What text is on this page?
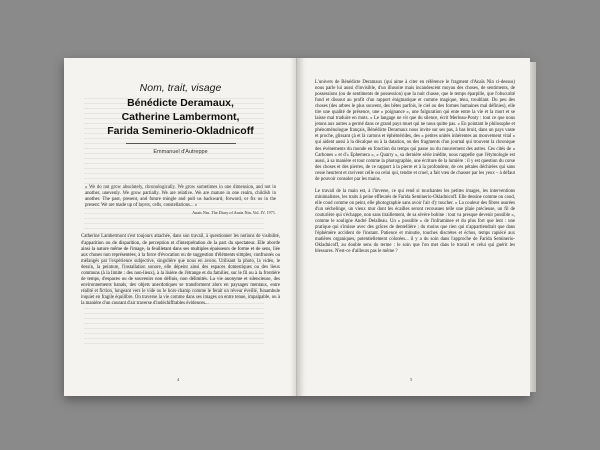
Nom, trait, visage
Bénédicte Deramaux,
Catherine Lambermont,
Farida Seminerio-Okladnicoff
Emmanuel d'Autreppe
« We do not grow absolutely, chronologically. We grow sometimes in one dimension, and not in another, unevenly. We grow partially. We are relative. We are mature in one realm, childish in another. The past, present, and future mingle and pull us backward, forward, or fix us in the present. We are made up of layers, cells, constellations... »
Anaïs Nin. The Diary of Anaïs Nin, Vol. IV, 1971.
Catherine Lambermont s'est toujours attachée, dans son travail, à questionner les notions de visibilité, d'apparition ou de disparition, de perception et d'interprétation de la part du spectateur. Elle aborde ainsi la nature même de l'image, la feuilletant dans ses multiples épaisseurs de forme et de sens, liée aux choses non représentées, à la force d'évocation ou de suggestion d'éléments simples, confrontés ou mélangés par l'expérience subjective, singulière que nous en avons. Utilisant la photo, la vidéo, le dessin, la peinture, l'installation sonore, elle dépeint ainsi des espaces domestiques ou des lieux communs (à la limite : des non-lieux), à la lisière de l'étrange et du familier, sur le fil ou à la frontière de temps, d'espaces ou de souvenirs non définis, non délimités. La vie anonyme et silencieuse, des environnements banals, des objets anecdotiques se transforment alors en paysages mentaux, entre réalité et fiction, longeant vers le vide ou le hors-champ comme le ferait un réveur éveillé, funambule inquiet en fragile équilibre. On traverse la vie comme dans ses images on entre tenue, impalpable, ou à la manière d'un courant d'air traverse d'indéchiffrables évidences...
4

L'univers de Bénédicte Deramaux (qui aime à citer en référence le fragment d'Anaïs Nin ci-dessus) nous parle lui aussi d'invisible, d'un illusoire mais incandescent moyau des choses, de sentiments, de possessions (ou de sentiments de possession) que la nuit chasse, que le temps éparpille, que l'obscurité fond et dissout au profit d'un rapport énigmatique et comme magique, ténu, troublant. Du peu des choses (des arbres le plus souvent, des bêtes parfois, le ciel ou des formes humaines mal définies), elle tire une qualité de présence, une « poignance », une fulguration qui ente entre la vie et la mort et se laisse mal traduire en mots. « Le langage ne vit que du silence, écrit Merleau-Ponty : tout ce que nous jetons aux autres a germé dans ce grand pays muet qui ne nous quitte pas. » En pointant le philosophe et phénoménologue français, Bénédicte Deramaux nous invite sur ses pas, à bas bruit, dans un pays vaste et proche, glissant çà et là cartons et éphémérides, des « petites unités inhérentes au mouvement vital » qui aident aussi à la décalque ou à la datation, ou des fragments d'un journal qui trouvent la chronique des événements du monde en fonction du temps qui passe ou du mouvement des astres. Ces cités de « Carbones » et d'« Ephemera », « Quarry », sa dernière série inédite, nous rappelle que l'étymologie est aussi, à sa manière et tout comme la photographie, une écriture de la lumière : il y est question du corse des choses et des pierres, de ce rapport à la pierre et à la profondeur, de ces pétales déchirées qui sans cesse heurtent et ravivent celle ou celui qui, tendre et cruel, a fait vœu de chasser par les yeux – à défaut de pouvoir consoler par les mains.

Le travail de la main est, à l'inverse, ce qui rend si touchantes les petites images, les interventions minimalistes, les traits à peine effleurés de Farida Seminerio-Okladnicoff. Elle dessine comme on coud, elle coud comme on peint, elle photographie sans avoir l'air d'y toucher. « La couleur des fibres usurées d'un séchelinge, un vieux mur dont les écailles seront recousues telle une plaie précieuse, un fil de couturière qui s'échappe, non sans tiraillement, de sa sévère bobine : tout va presque devenir possible », comme le souligne André Delalleau. Un « possible » de l'inframinee et du plus fort que lent : une pratique qui s'imisse avec des grâces de dentellière ; du moins que rien qui n'appartiendrait que dans l'éphémère accident de l'instant. Patience et minutie, touches discrètes et échos, temps rapiécé aux matières organiques, potentiellement colorées... il y a du soin dans l'approche de Farida Seminerio-Okladnicoff, au double sens du terme : le soin que l'on met dans le travail et celui qui guérit les blessures. N'est-ce d'ailleurs pas le même ?

5
